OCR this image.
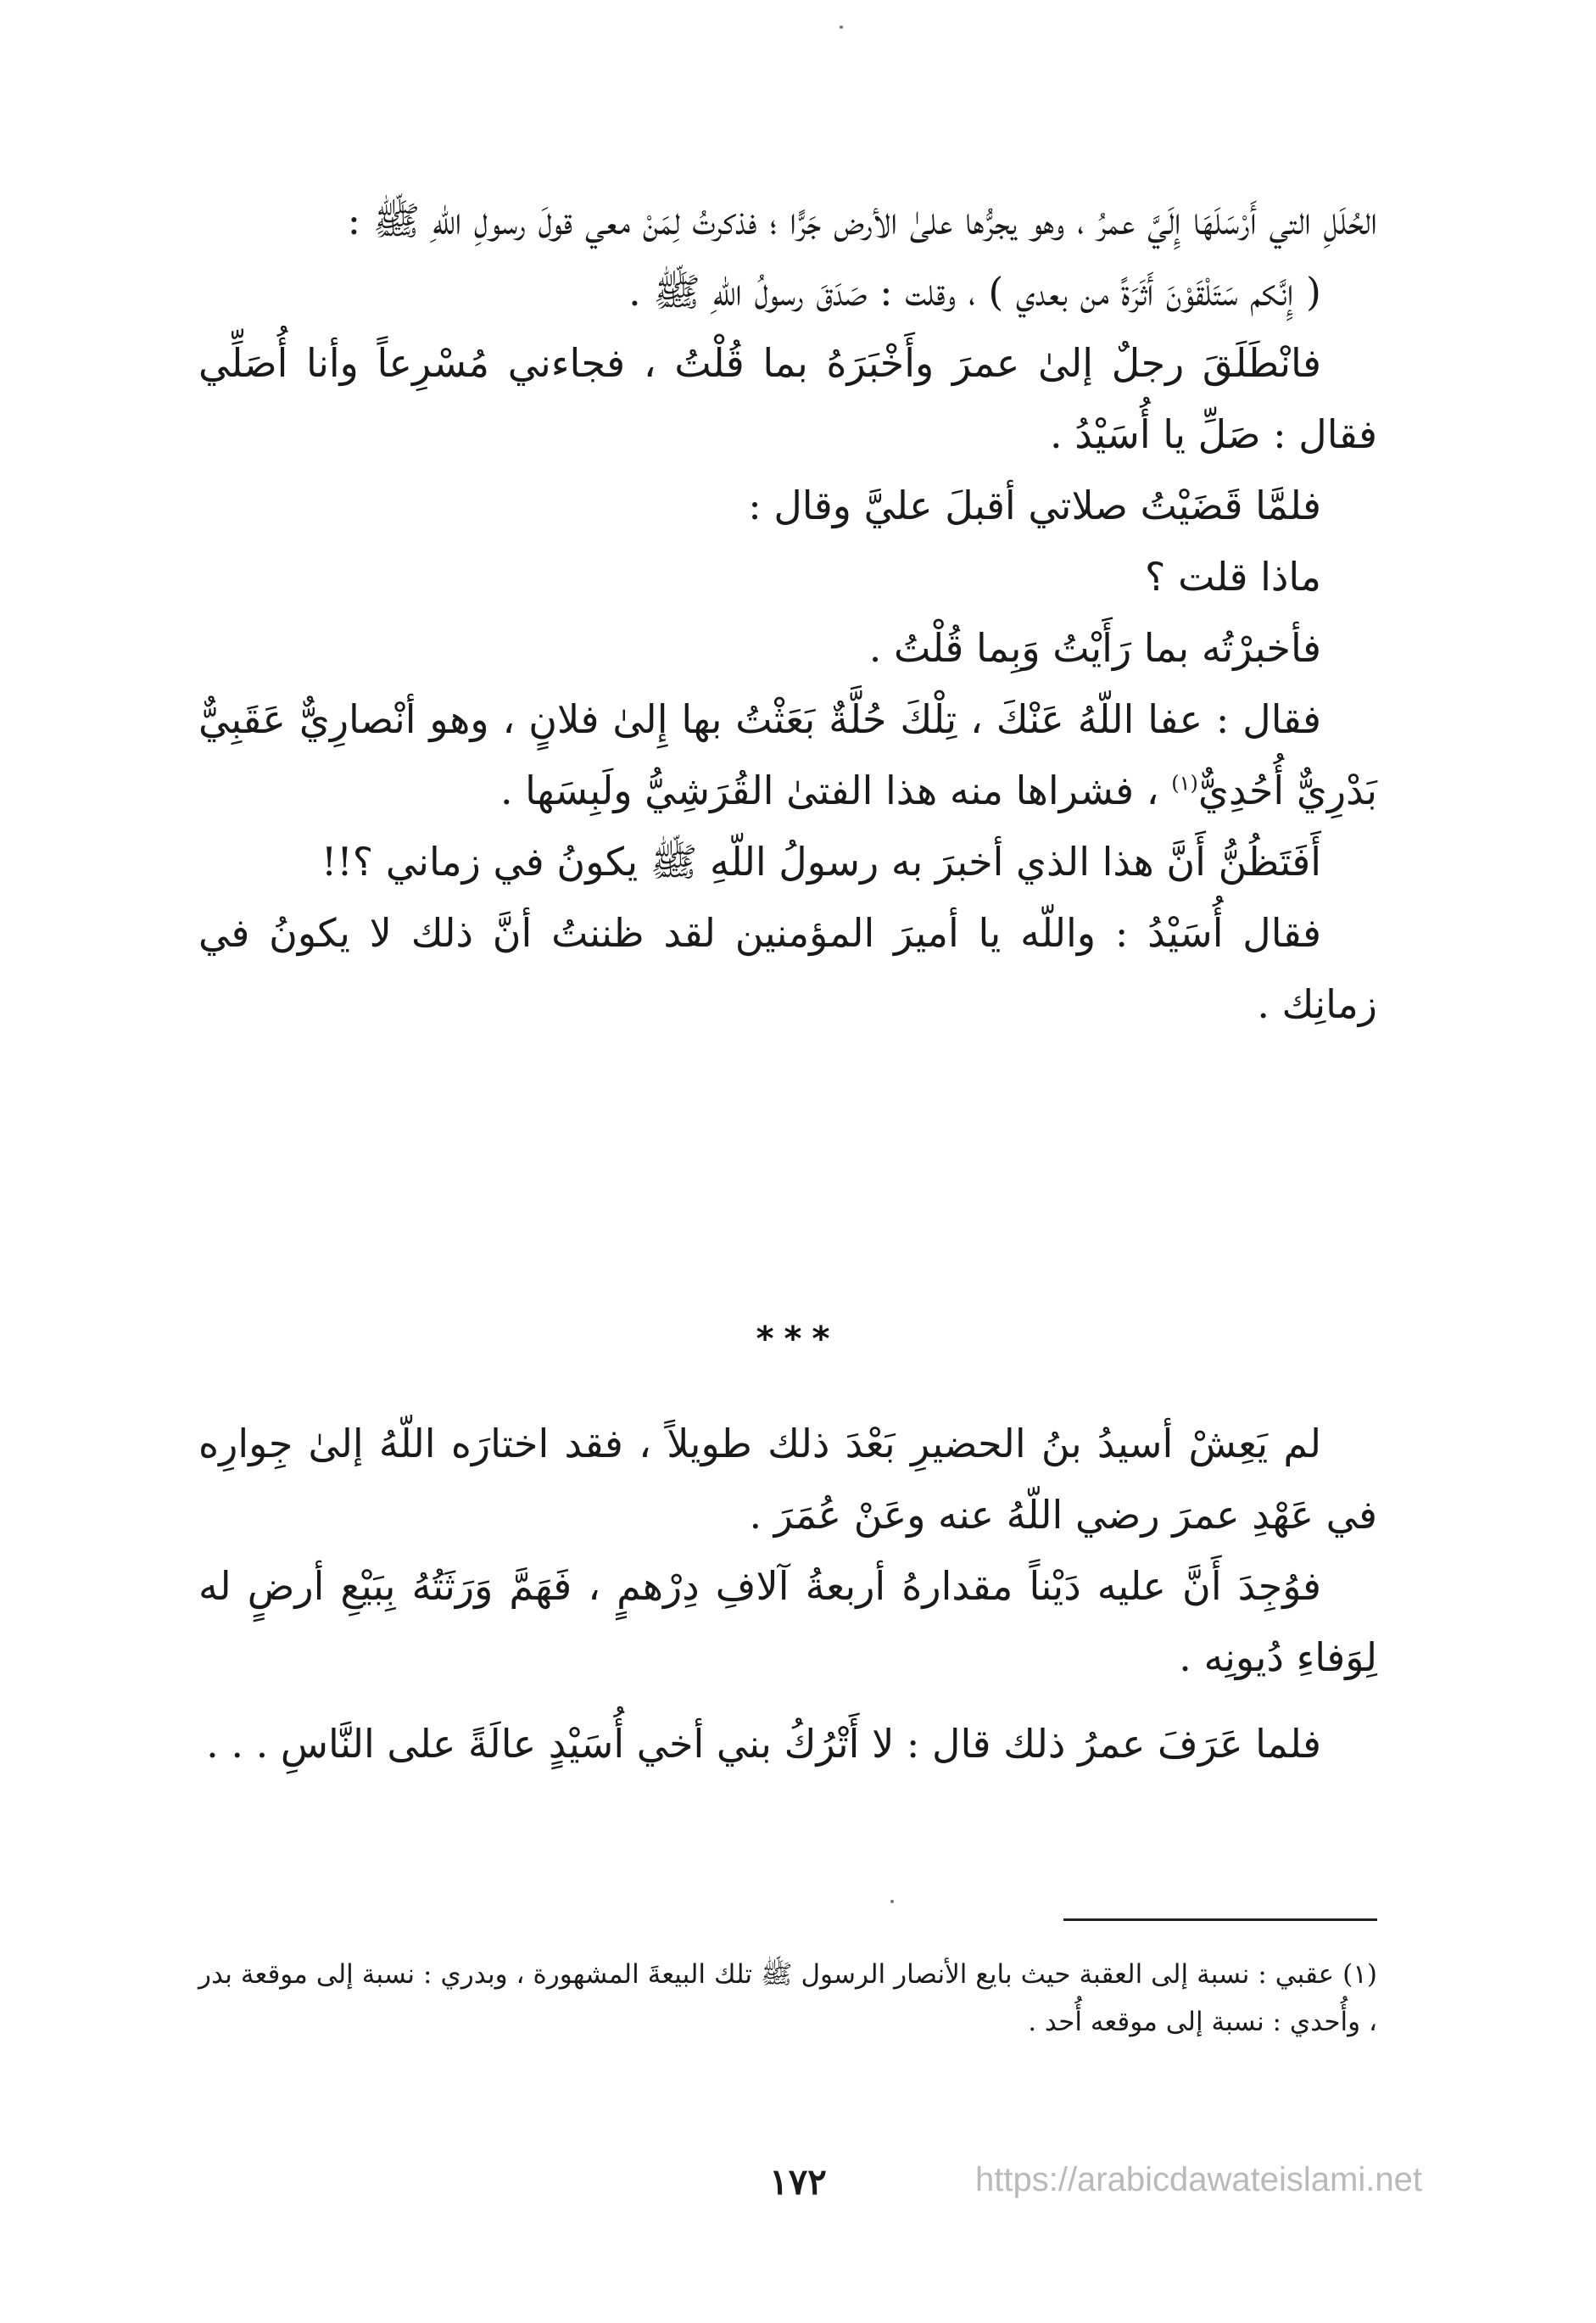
الحُلَلِ التي أَرْسَلَهَا إِلَيَّ عمرُ ، وهو يجرُّها علىٰ الأرض جَرًّا ؛ فذكرتُ لِمَنْ معي قولَ رسولِ اللّهِ ﷺ :

( إِنَّكم سَتَلْقَوْنَ أَثَرَةً من بعدي ) ، وقلت : صَدَقَ رسولُ اللّهِ ﷺ .

فانْطَلَقَ رجلٌ إلىٰ عمرَ وأَخْبَرَهُ بما قُلْتُ ، فجاءني مُسْرِعاً وأنا أُصَلِّي فقال : صَلِّ يا أُسَيْدُ .

فلمَّا قَضَيْتُ صلاتي أقبلَ عليَّ وقال :

ماذا قلت ؟

فأخبرْتُه بما رَأَيْتُ وَبِما قُلْتُ .

فقال : عفا اللّهُ عَنْكَ ، تِلْكَ حُلَّةٌ بَعَثْتُ بها إِلىٰ فلانٍ ، وهو أنْصارِيٌّ عَقَبِيٌّ بَدْرِيٌّ أُحُدِيٌّ$^{(١)}$ ، فشراها منه هذا الفتىٰ القُرَشِيُّ ولَبِسَها .

أَفَتَظُنُّ أَنَّ هذا الذي أخبرَ به رسولُ اللّهِ ﷺ يكونُ في زماني ؟!!

فقال أُسَيْدُ : واللّه يا أميرَ المؤمنين لقد ظننتُ أنَّ ذلك لا يكونُ في زمانِك .

***

لم يَعِشْ أسيدُ بنُ الحضيرِ بَعْدَ ذلك طويلاً ، فقد اختارَه اللّهُ إلىٰ جِوارِه في عَهْدِ عمرَ رضي اللّهُ عنه وعَنْ عُمَرَ .

فوُجِدَ أَنَّ عليه دَيْناً مقدارهُ أربعةُ آلافِ دِرْهمٍ ، فَهَمَّ وَرَثَتُهُ بِبَيْعِ أرضٍ له لِوَفاءِ دُيونِه .

فلما عَرَفَ عمرُ ذلك قال : لا أَتْرُكُ بني أخي أُسَيْدٍ عالَةً على النَّاسِ . . .

(١) عقبي : نسبة إلى العقبة حيث بايع الأنصار الرسول ﷺ تلك البيعةَ المشهورة ، وبدري : نسبة إلى موقعة بدر ، وأُحدي : نسبة إلى موقعه أُحد .
١٧٢	https://arabicdawateislami.net
